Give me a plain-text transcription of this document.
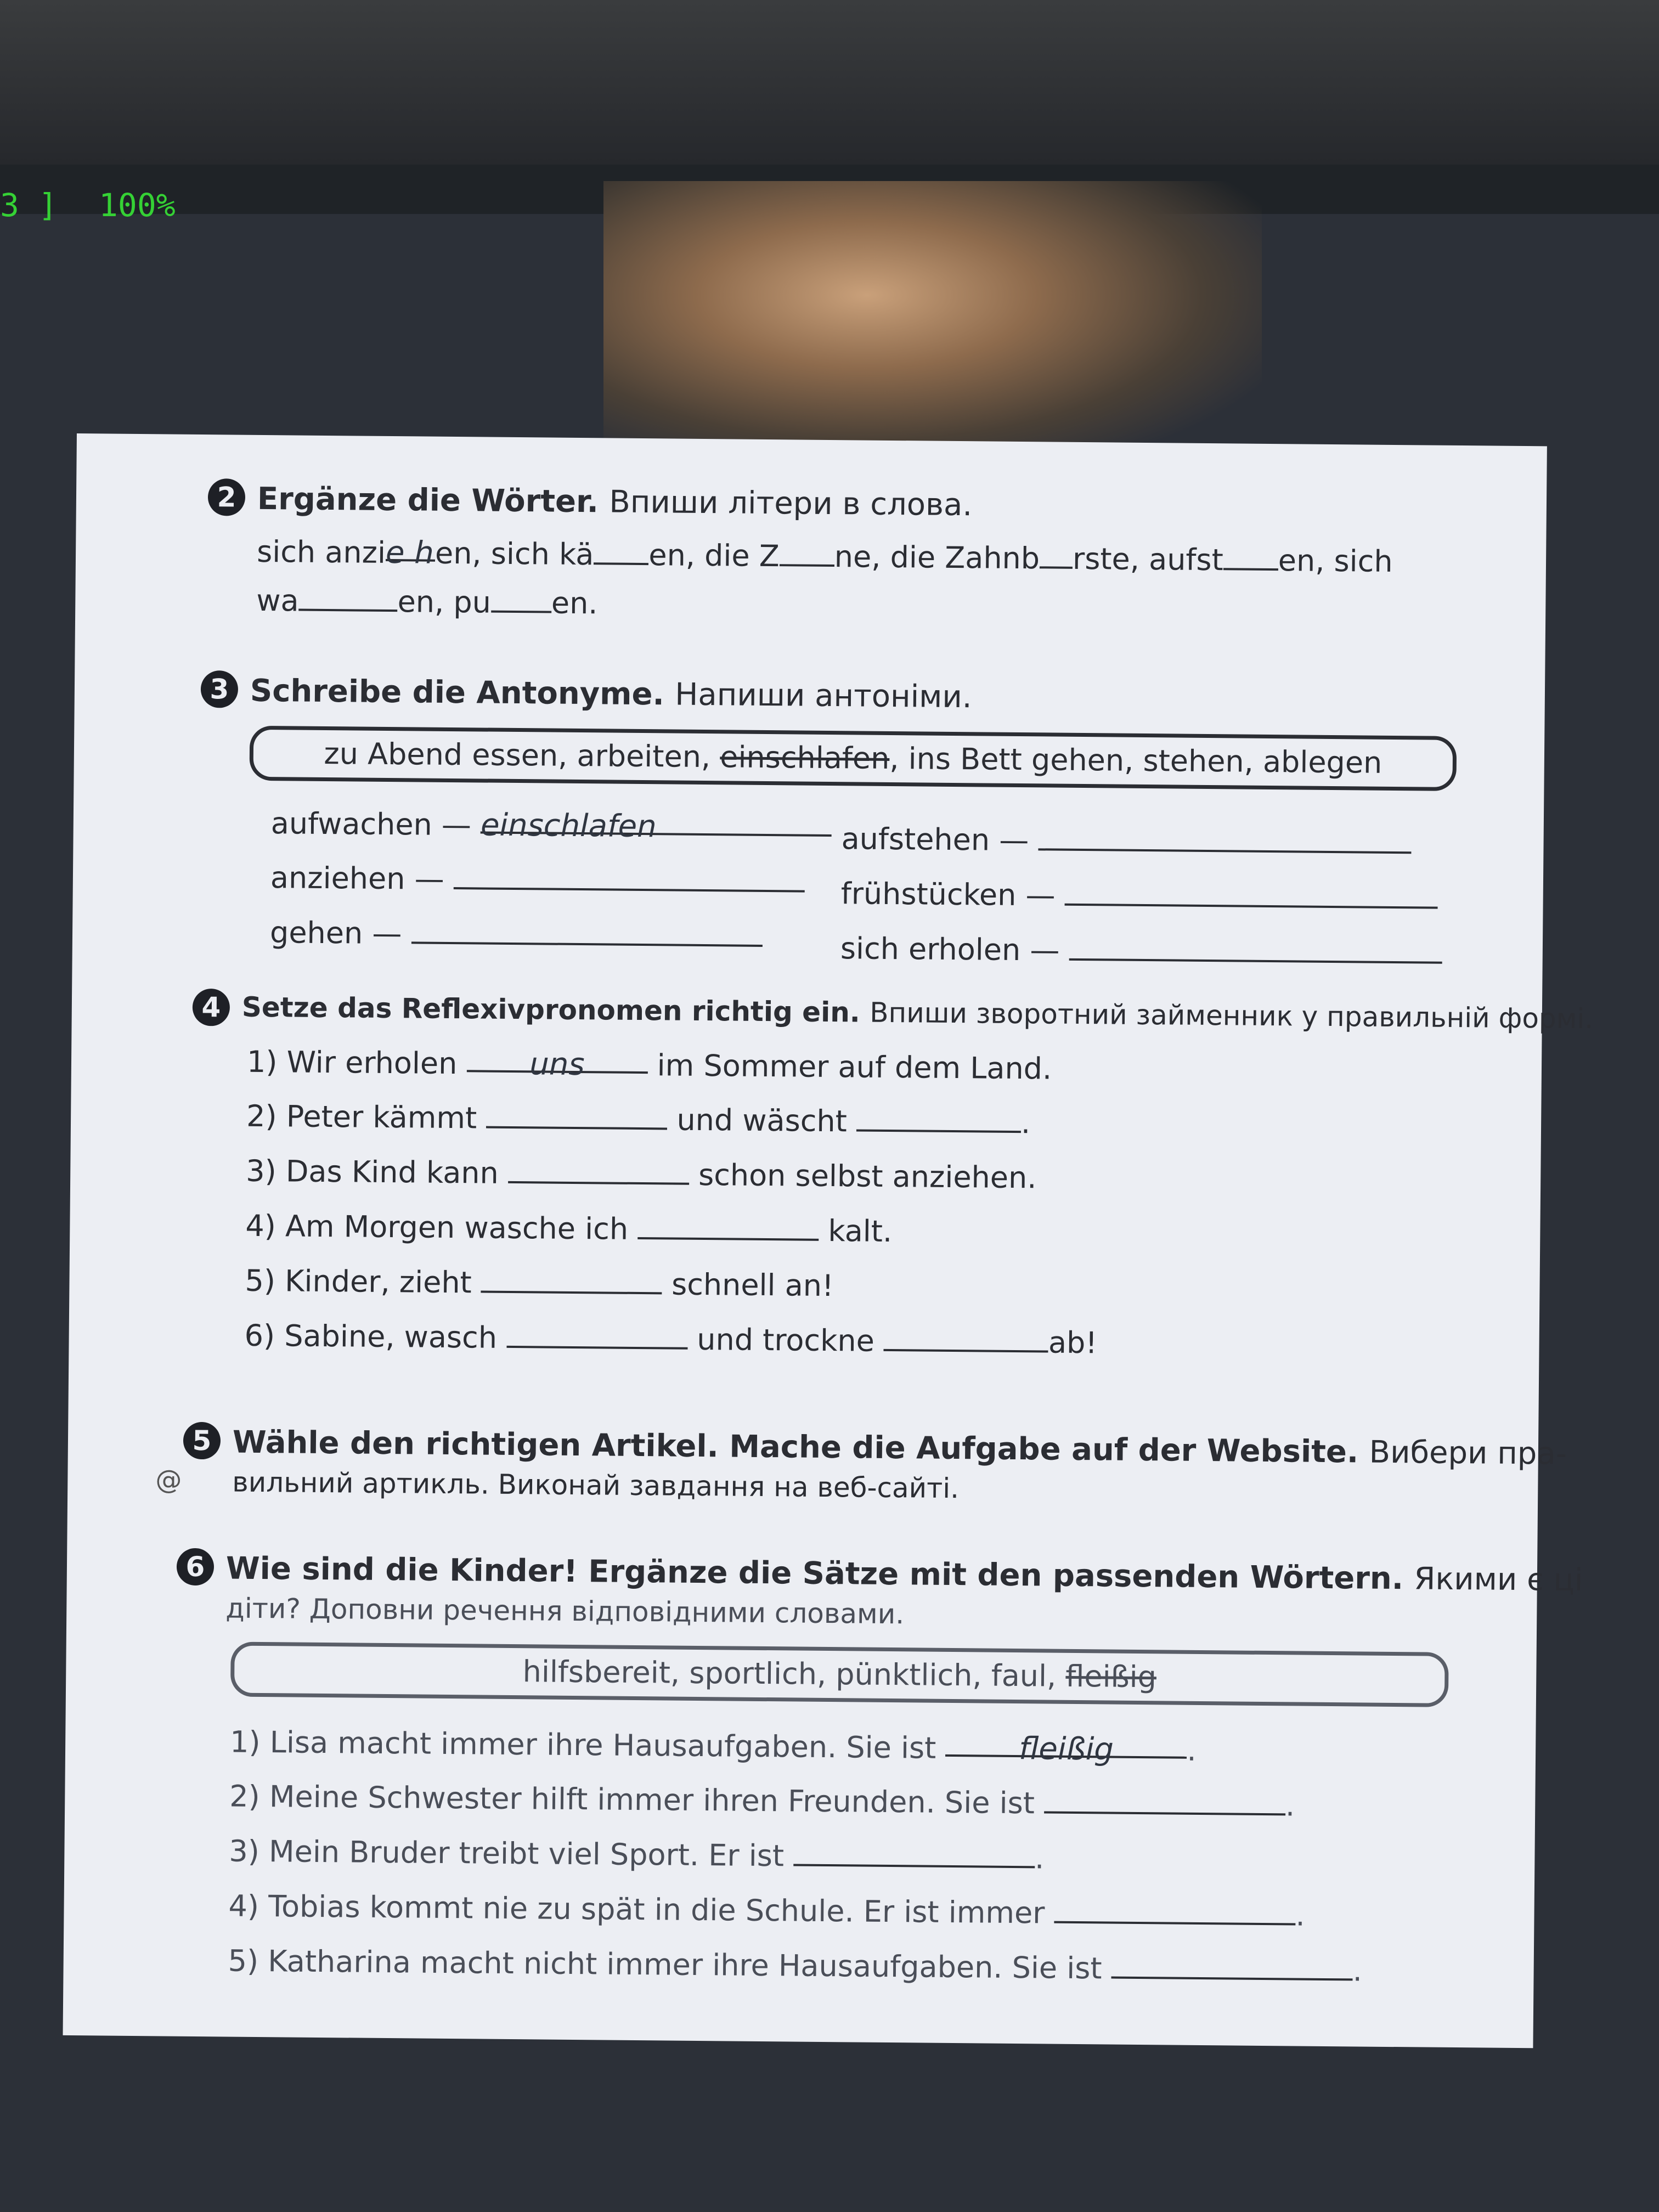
3 ] 100%
2 Ergänze die Wörter. Впиши літери в слова.
sich anzie hen, sich kä en, die Z ne, die Zahnb rste, aufst en, sich
wa	en, pu en.
3 Schreibe die Antonyme. Напиши антоніми.
zu Abend essen, arbeiten, einschlafen, ins Bett gehen, stehen, ablegen
aufwachen — einschlafen	aufstehen —
anziehen —	frühstücken —
gehen —	sich erholen —
4 Setze das Reflexivpronomen richtig ein. Впиши зворотний займенник у правильній формі.
1) Wir erholen uns im Sommer auf dem Land.
2) Peter kämmt	und wäscht	.
3) Das Kind kann	schon selbst anziehen.
4) Am Morgen wasche ich	kalt.
5) Kinder, zieht	schnell an!
6) Sabine, wasch	und trockne	ab!
5 Wähle den richtigen Artikel. Mache die Aufgabe auf der Website. Вибери пра-
@ вильний артикль. Виконай завдання на веб-сайті.
6 Wie sind die Kinder! Ergänze die Sätze mit den passenden Wörtern. Якими є ці
діти? Доповни речення відповідними словами.
hilfsbereit, sportlich, pünktlich, faul, fleißig
1) Lisa macht immer ihre Hausaufgaben. Sie ist	fleißig .
2) Meine Schwester hilft immer ihren Freunden. Sie ist	.
3) Mein Bruder treibt viel Sport. Er ist	.
4) Tobias kommt nie zu spät in die Schule. Er ist immer	.
5) Katharina macht nicht immer ihre Hausaufgaben. Sie ist	.
